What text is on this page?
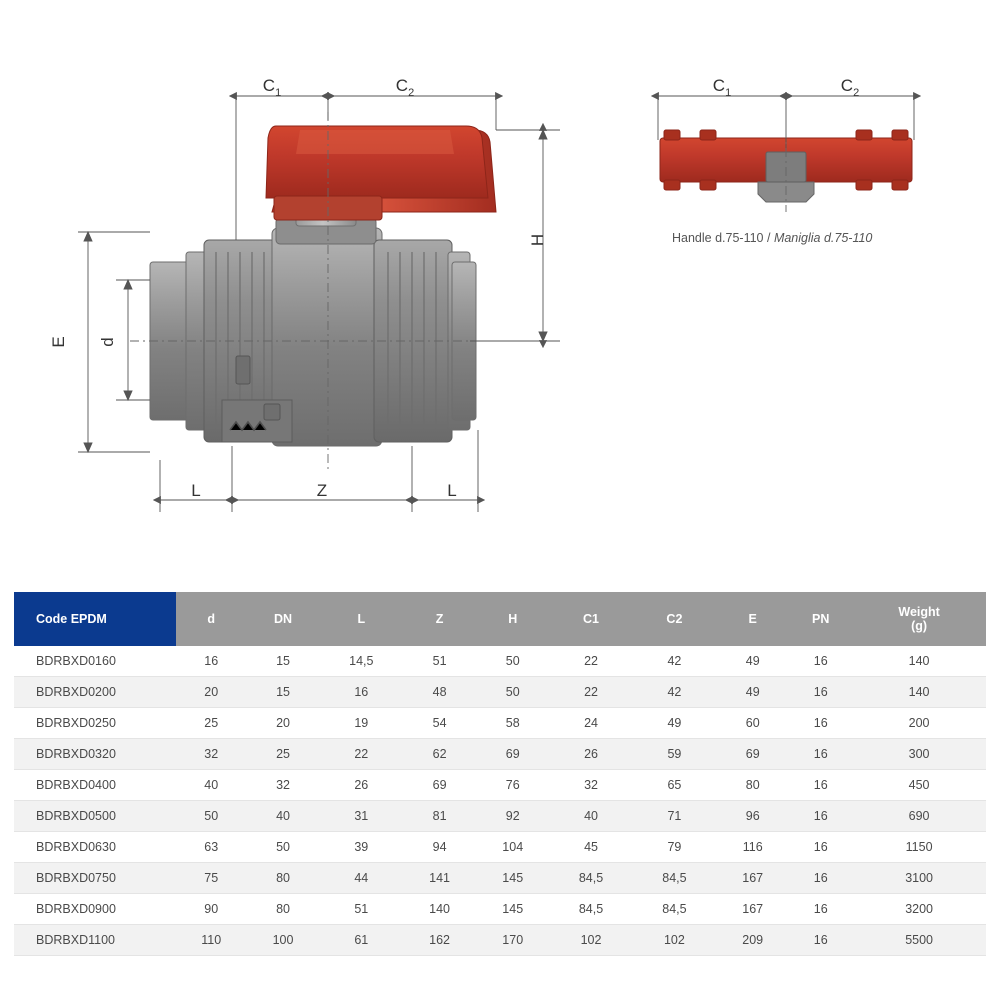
$C_1$	$C_2$
H
E d
L	Z	L
$C_1$	$C_2$
Handle d.75-110 / Maniglia d.75-110
Code EPDM	d	DN	L	Z	H	C1	C2	E	PN	Weight
(g)
BDRBXD0160	16	15	14,5	51	50	22	42	49	16	140
BDRBXD0200	20	15	16	48	50	22	42	49	16	140
BDRBXD0250	25	20	19	54	58	24	49	60	16	200
BDRBXD0320	32	25	22	62	69	26	59	69	16	300
BDRBXD0400	40	32	26	69	76	32	65	80	16	450
BDRBXD0500	50	40	31	81	92	40	71	96	16	690
BDRBXD0630	63	50	39	94	104	45	79	116	16	1150
BDRBXD0750	75	80	44	141	145	84,5	84,5	167	16	3100
BDRBXD0900	90	80	51	140	145	84,5	84,5	167	16	3200
BDRBXD1100	110	100	61	162	170	102	102	209	16	5500
